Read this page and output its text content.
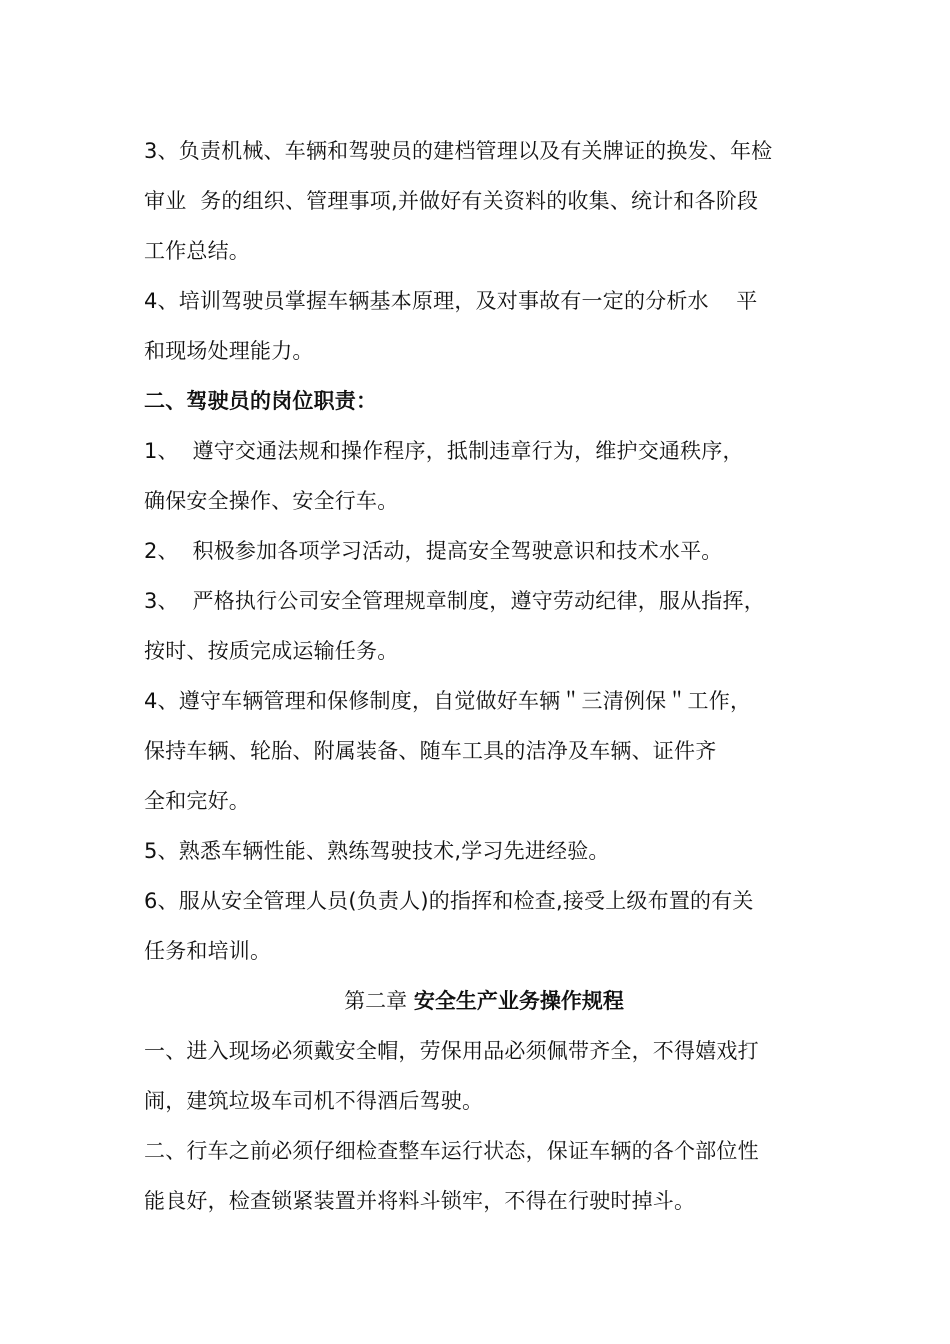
3、负责机械、车辆和驾驶员的建档管理以及有关牌证的换发、年检
审业  务的组织、管理事项,并做好有关资料的收集、统计和各阶段
工作总结。
4、培训驾驶员掌握车辆基本原理，及对事故有一定的分析水    平
和现场处理能力。
二、驾驶员的岗位职责：
1、  遵守交通法规和操作程序，抵制违章行为，维护交通秩序，
确保安全操作、安全行车。
2、  积极参加各项学习活动，提高安全驾驶意识和技术水平。
3、  严格执行公司安全管理规章制度，遵守劳动纪律，服从指挥，
按时、按质完成运输任务。
4、遵守车辆管理和保修制度，自觉做好车辆＂三清例保＂工作，
保持车辆、轮胎、附属装备、随车工具的洁净及车辆、证件齐
全和完好。
5、熟悉车辆性能、熟练驾驶技术,学习先进经验。
6、服从安全管理人员(负责人)的指挥和检查,接受上级布置的有关
任务和培训。
第二章 安全生产业务操作规程
一、进入现场必须戴安全帽，劳保用品必须佩带齐全，不得嬉戏打
闹，建筑垃圾车司机不得酒后驾驶。
二、行车之前必须仔细检查整车运行状态，保证车辆的各个部位性
能良好，检查锁紧装置并将料斗锁牢，不得在行驶时掉斗。
